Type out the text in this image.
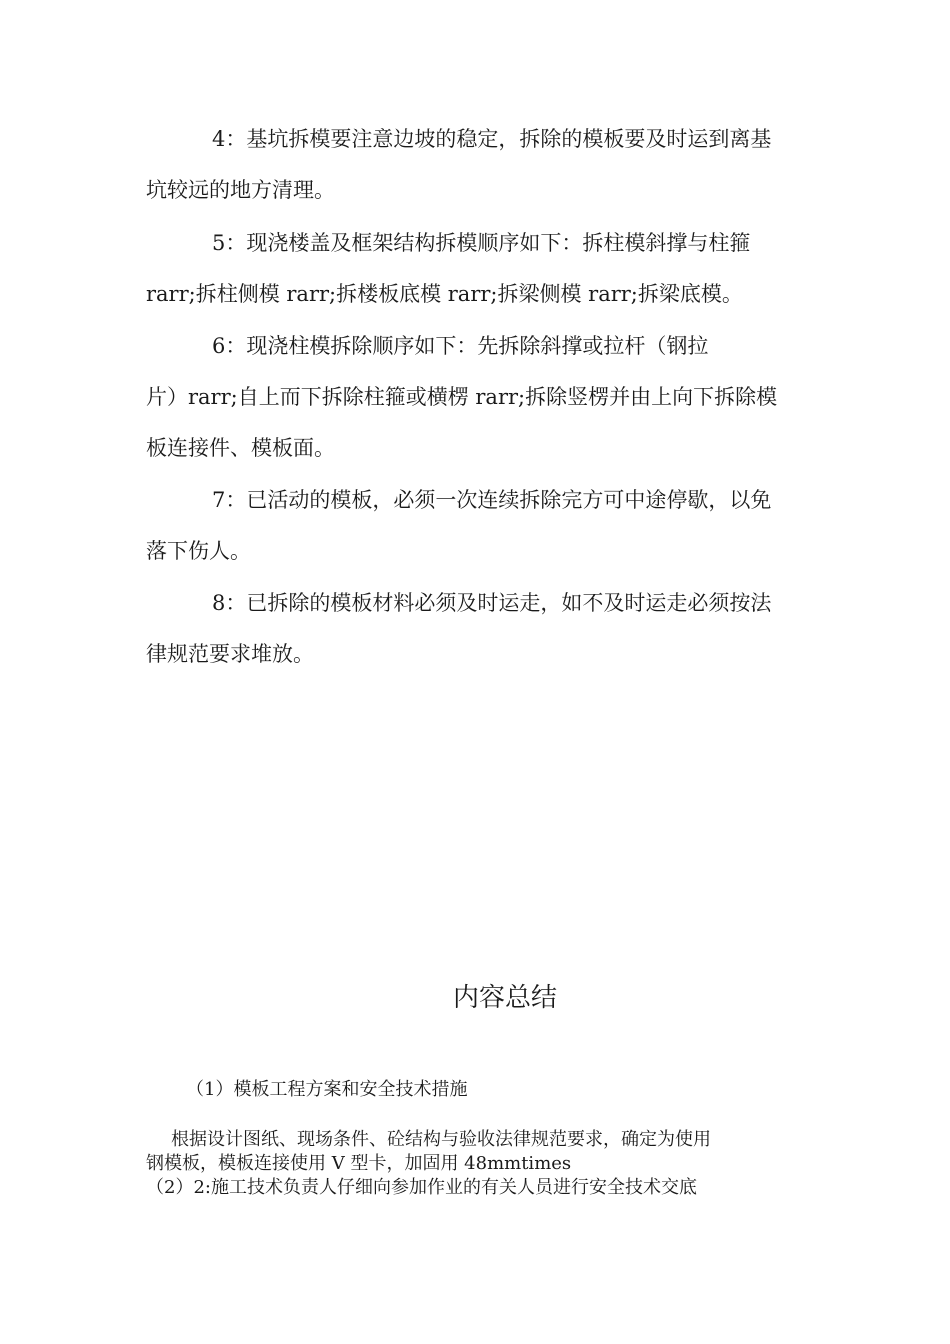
4：基坑拆模要注意边坡的稳定，拆除的模板要及时运到离基
坑较远的地方清理。
5：现浇楼盖及框架结构拆模顺序如下：拆柱模斜撑与柱箍
rarr;拆柱侧模 rarr;拆楼板底模 rarr;拆梁侧模 rarr;拆梁底模。
6：现浇柱模拆除顺序如下：先拆除斜撑或拉杆（钢拉
片）rarr;自上而下拆除柱箍或横楞 rarr;拆除竖楞并由上向下拆除模
板连接件、模板面。
7：已活动的模板，必须一次连续拆除完方可中途停歇，以免
落下伤人。
8：已拆除的模板材料必须及时运走，如不及时运走必须按法
律规范要求堆放。
内容总结
（1）模板工程方案和安全技术措施
根据设计图纸、现场条件、砼结构与验收法律规范要求，确定为使用
钢模板，模板连接使用 V 型卡，加固用 48mmtimes
（2）2:施工技术负责人仔细向参加作业的有关人员进行安全技术交底
